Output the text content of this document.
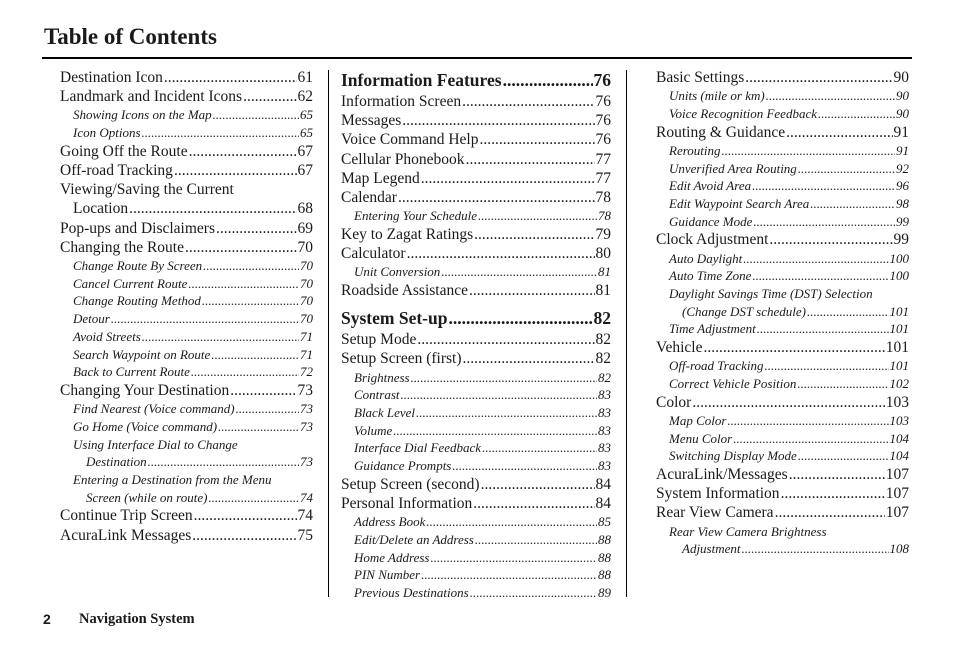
Table of Contents
Destination Icon .....	61
Landmark and Incident Icons .....	62
Showing Icons on the Map .....	65
Icon Options .....	65
Going Off the Route .....	67
Off-road Tracking .....	67
Viewing/Saving the Current
Location .....	68
Pop-ups and Disclaimers .....	69
Changing the Route .....	70
Change Route By Screen .....	70
Cancel Current Route .....	70
Change Routing Method .....	70
Detour .....	70
Avoid Streets .....	71
Search Waypoint on Route .....	71
Back to Current Route .....	72
Changing Your Destination .....	73
Find Nearest (Voice command) .....	73
Go Home (Voice command) .....	73
Using Interface Dial to Change
Destination .....	73
Entering a Destination from the Menu
Screen (while on route) .....	74
Continue Trip Screen .....	74
AcuraLink Messages .....	75
Information Features .....	76
Information Screen .....	76
Messages .....	76
Voice Command Help .....	76
Cellular Phonebook .....	77
Map Legend .....	77
Calendar .....	78
Entering Your Schedule .....	78
Key to Zagat Ratings .....	79
Calculator .....	80
Unit Conversion .....	81
Roadside Assistance .....	81
System Set-up .....	82
Setup Mode .....	82
Setup Screen (first) .....	82
Brightness .....	82
Contrast .....	83
Black Level .....	83
Volume .....	83
Interface Dial Feedback .....	83
Guidance Prompts .....	83
Setup Screen (second) .....	84
Personal Information .....	84
Address Book .....	85
Edit/Delete an Address .....	88
Home Address .....	88
PIN Number .....	88
Previous Destinations .....	89
Basic Settings .....	90
Units (mile or km) .....	90
Voice Recognition Feedback .....	90
Routing & Guidance .....	91
Rerouting .....	91
Unverified Area Routing .....	92
Edit Avoid Area .....	96
Edit Waypoint Search Area .....	98
Guidance Mode .....	99
Clock Adjustment .....	99
Auto Daylight .....	100
Auto Time Zone .....	100
Daylight Savings Time (DST) Selection
(Change DST schedule) .....	101
Time Adjustment .....	101
Vehicle .....	101
Off-road Tracking .....	101
Correct Vehicle Position .....	102
Color .....	103
Map Color .....	103
Menu Color .....	104
Switching Display Mode .....	104
AcuraLink/Messages .....	107
System Information .....	107
Rear View Camera .....	107
Rear View Camera Brightness
Adjustment .....	108
2 Navigation System
